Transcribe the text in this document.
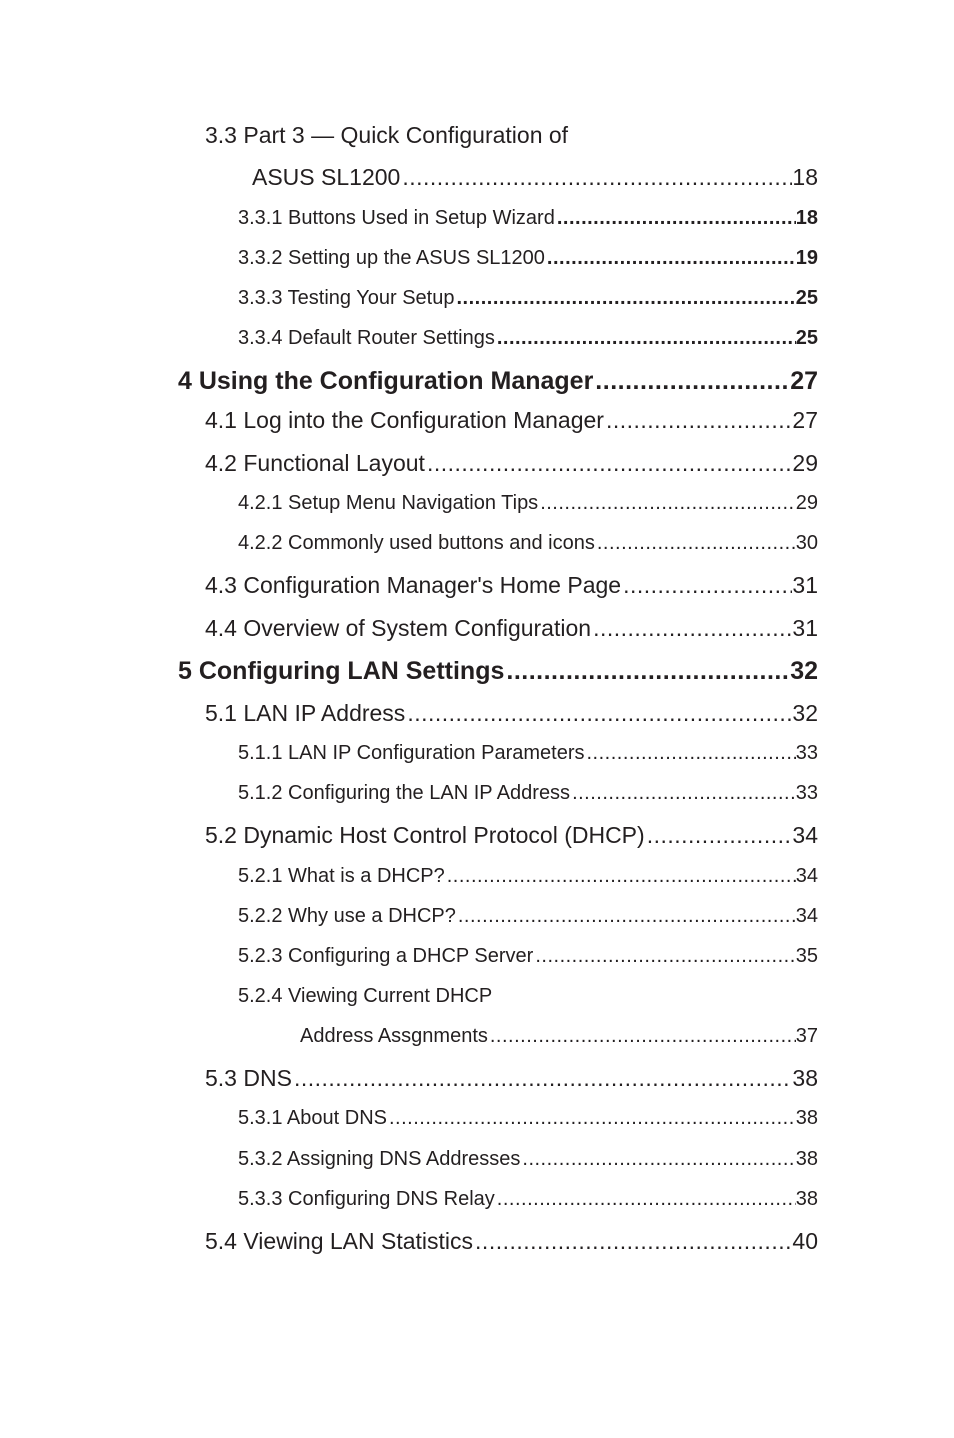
3.3 Part 3 — Quick Configuration of
ASUS SL1200 .....	18
3.3.1 Buttons Used in Setup Wizard .....	18
3.3.2 Setting up the ASUS SL1200 .....	19
3.3.3 Testing Your Setup .....	25
3.3.4 Default Router Settings .....	25
4 Using the Configuration Manager .....	27
4.1 Log into the Configuration Manager .....	27
4.2 Functional Layout .....	29
4.2.1 Setup Menu Navigation Tips .....	29
4.2.2 Commonly used buttons and icons .....	30
4.3 Configuration Manager's Home Page .....	31
4.4 Overview of System Configuration .....	31
5 Configuring LAN Settings .....	32
5.1 LAN IP Address .....	32
5.1.1 LAN IP Configuration Parameters .....	33
5.1.2 Configuring the LAN IP Address .....	33
5.2 Dynamic Host Control Protocol (DHCP) .....	34
5.2.1 What is a DHCP? .....	34
5.2.2 Why use a DHCP? .....	34
5.2.3 Configuring a DHCP Server .....	35
5.2.4 Viewing Current DHCP
Address Assgnments .....	37
5.3 DNS .....	38
5.3.1 About DNS .....	38
5.3.2 Assigning DNS Addresses .....	38
5.3.3 Configuring DNS Relay .....	38
5.4 Viewing LAN Statistics .....	40
